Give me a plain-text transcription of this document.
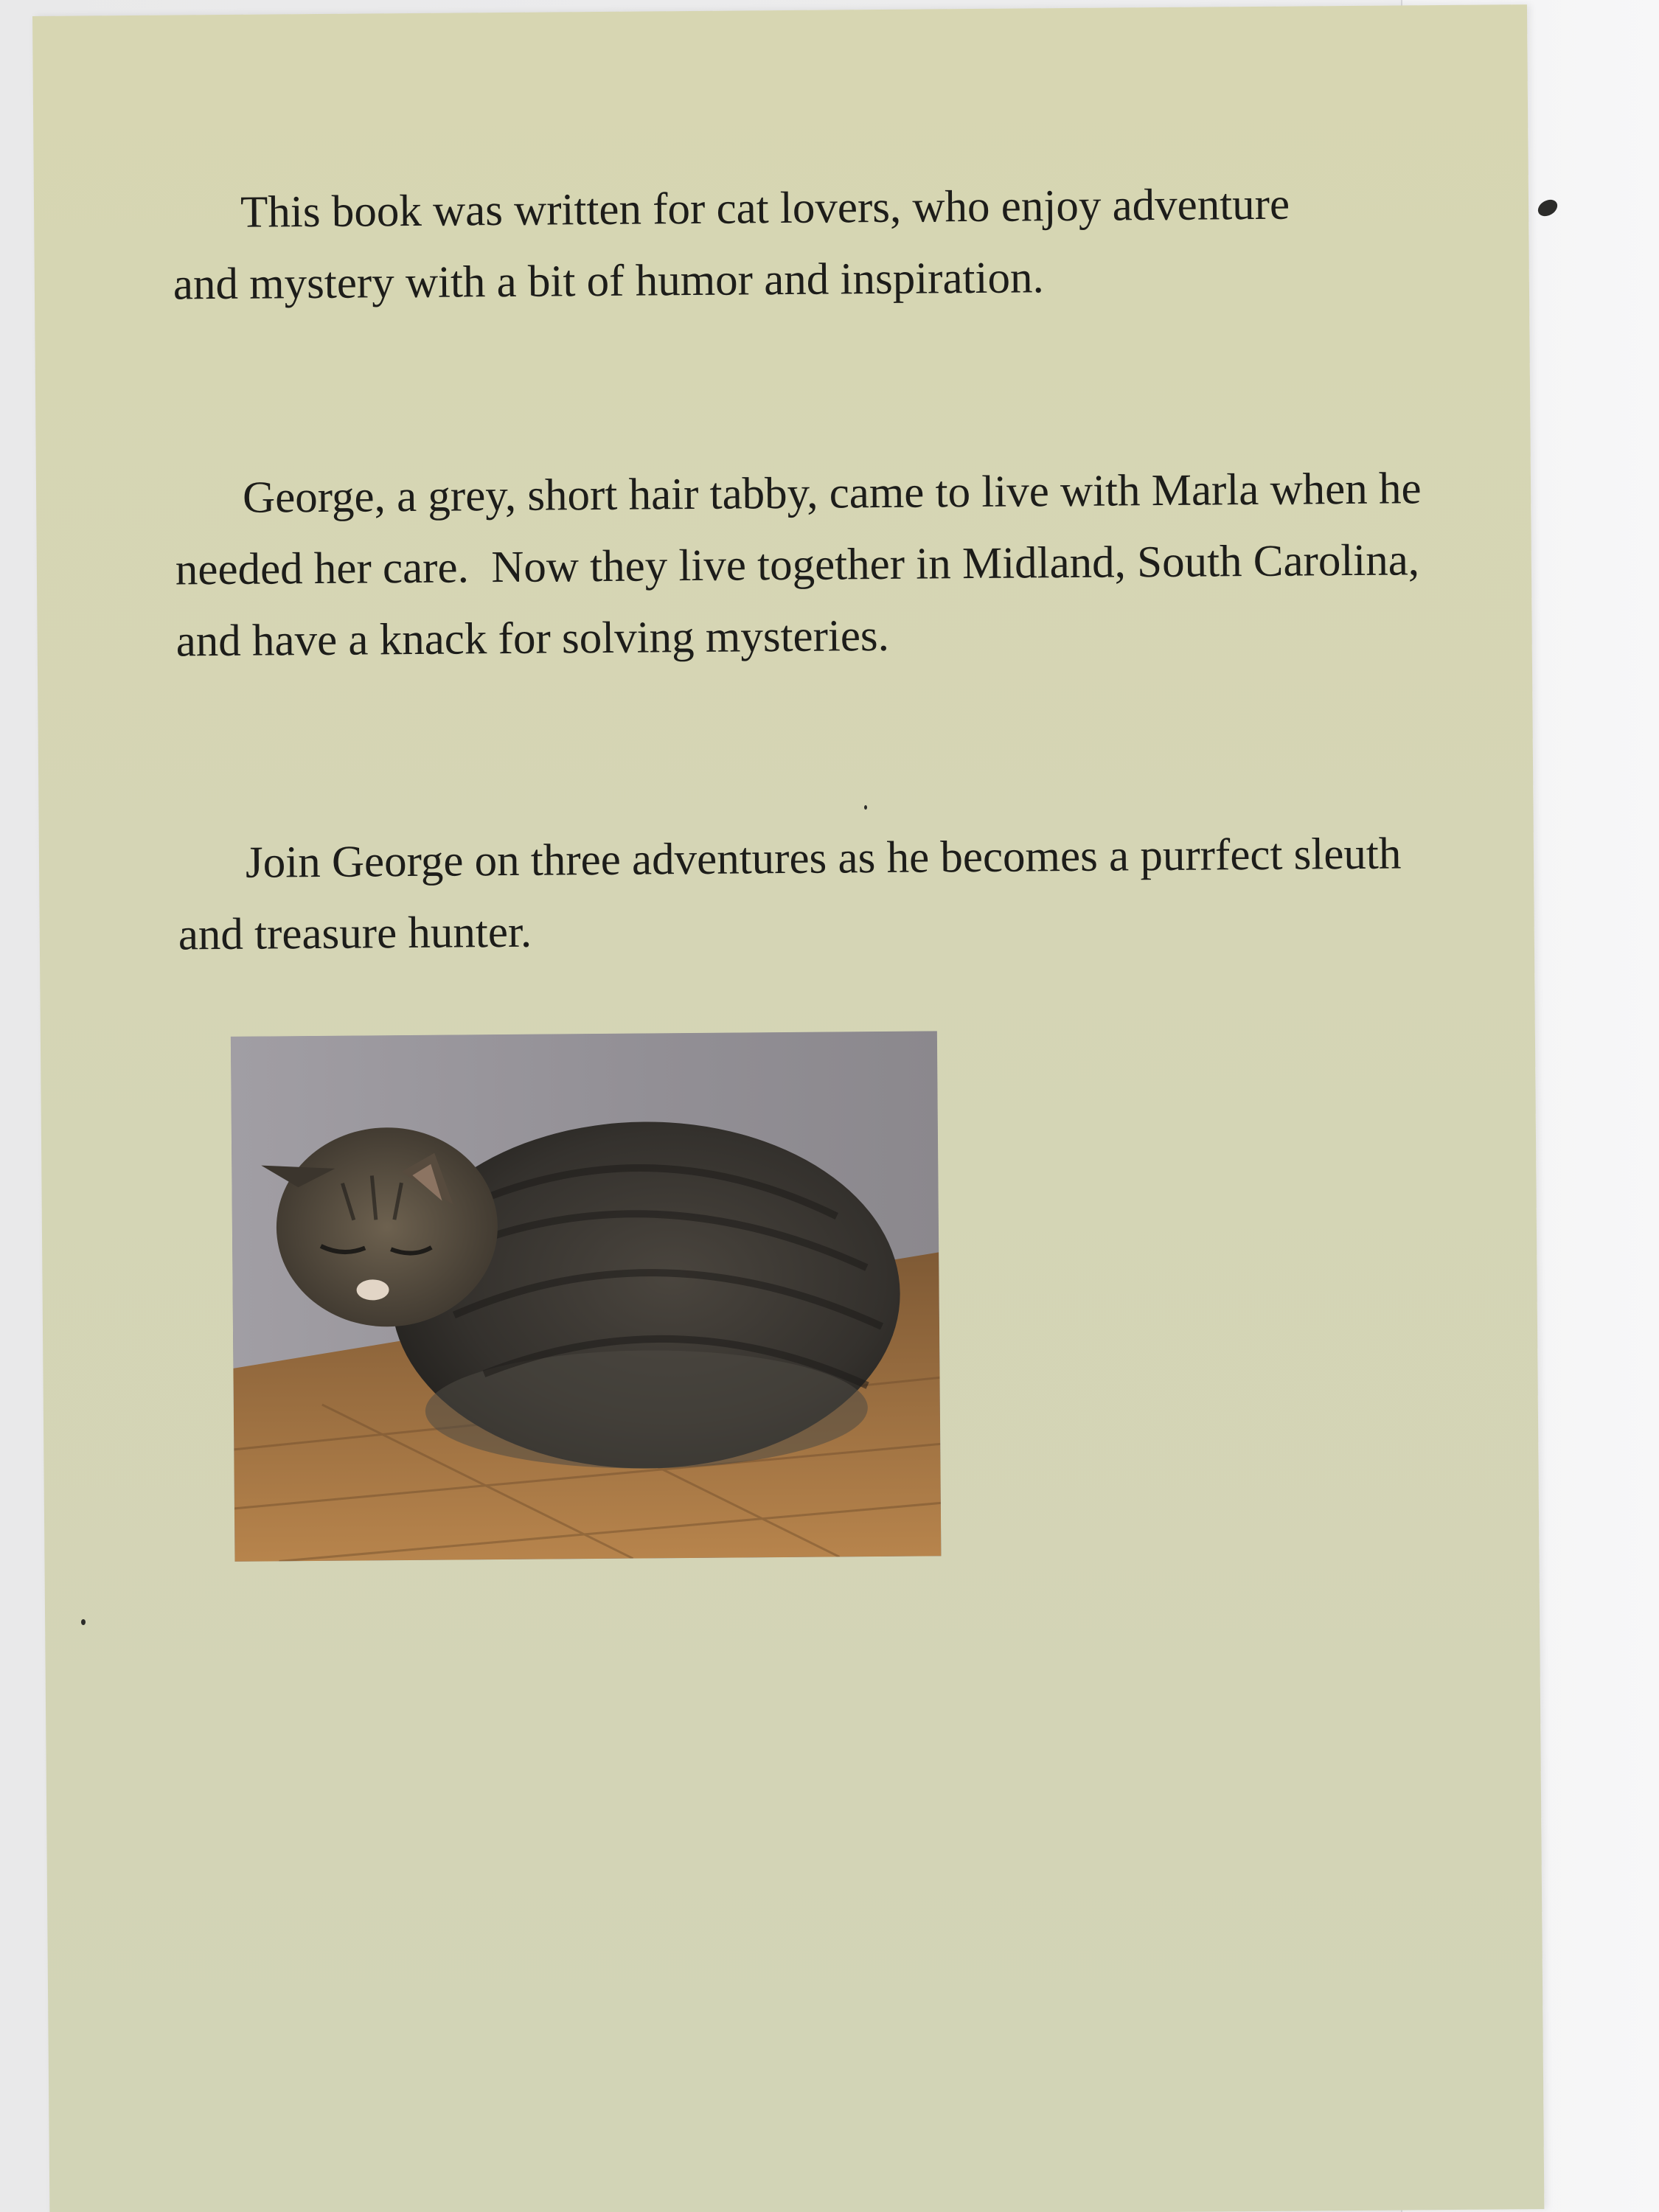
This book was written for cat lovers, who enjoy adventure and mystery with a bit of humor and inspiration.

George, a grey, short hair tabby, came to live with Marla when he needed her care.  Now they live together in Midland, South Carolina, and have a knack for solving mysteries.

Join George on three adventures as he becomes a purrfect sleuth and treasure hunter.
